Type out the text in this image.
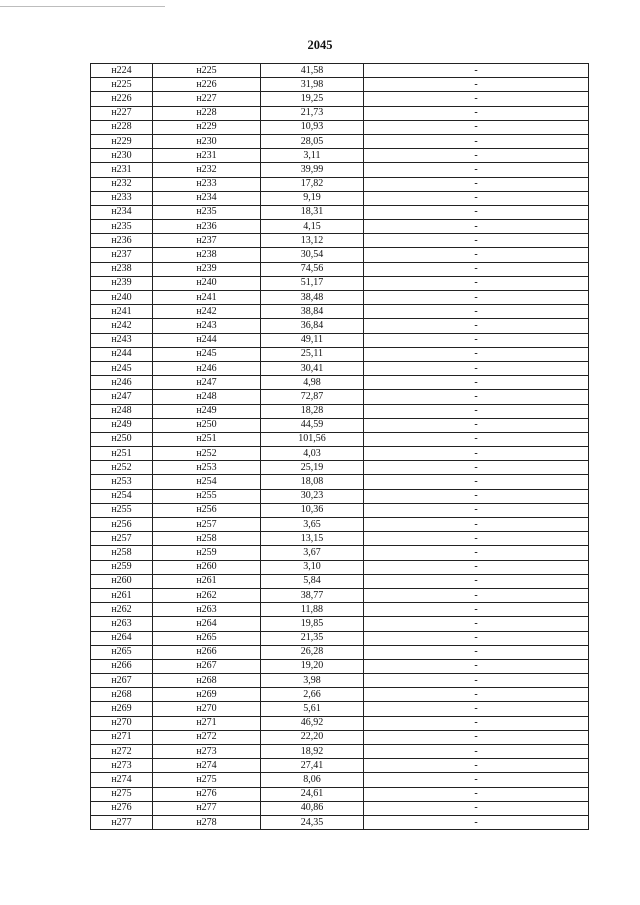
2045
н224	н225	41,58	-
н225	н226	31,98	-
н226	н227	19,25	-
н227	н228	21,73	-
н228	н229	10,93	-
н229	н230	28,05	-
н230	н231	3,11	-
н231	н232	39,99	-
н232	н233	17,82	-
н233	н234	9,19	-
н234	н235	18,31	-
н235	н236	4,15	-
н236	н237	13,12	-
н237	н238	30,54	-
н238	н239	74,56	-
н239	н240	51,17	-
н240	н241	38,48	-
н241	н242	38,84	-
н242	н243	36,84	-
н243	н244	49,11	-
н244	н245	25,11	-
н245	н246	30,41	-
н246	н247	4,98	-
н247	н248	72,87	-
н248	н249	18,28	-
н249	н250	44,59	-
н250	н251	101,56	-
н251	н252	4,03	-
н252	н253	25,19	-
н253	н254	18,08	-
н254	н255	30,23	-
н255	н256	10,36	-
н256	н257	3,65	-
н257	н258	13,15	-
н258	н259	3,67	-
н259	н260	3,10	-
н260	н261	5,84	-
н261	н262	38,77	-
н262	н263	11,88	-
н263	н264	19,85	-
н264	н265	21,35	-
н265	н266	26,28	-
н266	н267	19,20	-
н267	н268	3,98	-
н268	н269	2,66	-
н269	н270	5,61	-
н270	н271	46,92	-
н271	н272	22,20	-
н272	н273	18,92	-
н273	н274	27,41	-
н274	н275	8,06	-
н275	н276	24,61	-
н276	н277	40,86	-
н277	н278	24,35	-
